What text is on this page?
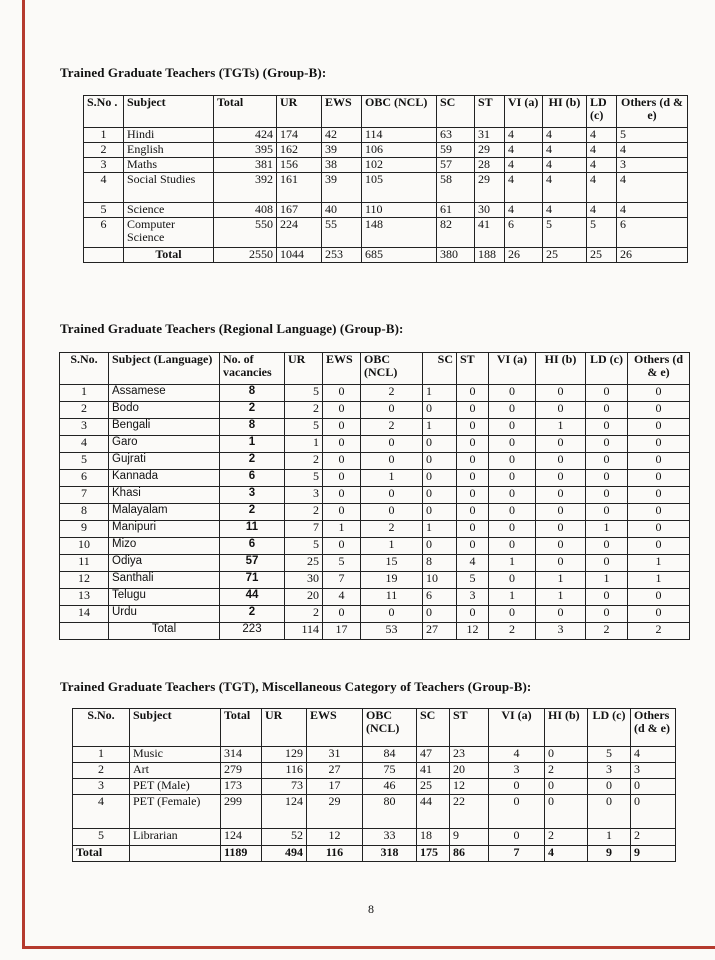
Trained Graduate Teachers (TGTs) (Group-B):
S.No .	Subject	Total	UR	EWS	OBC (NCL)	SC	ST	VI (a)	HI (b)	LD (c)	Others (d & e)
1	Hindi	424	174	42	114	63	31	4	4	4	5
2	English	395	162	39	106	59	29	4	4	4	4
3	Maths	381	156	38	102	57	28	4	4	4	3
4	Social Studies	392	161	39	105	58	29	4	4	4	4
5	Science	408	167	40	110	61	30	4	4	4	4
6	Computer Science	550	224	55	148	82	41	6	5	5	6
	Total	2550	1044	253	685	380	188	26	25	25	26
Trained Graduate Teachers (Regional Language) (Group-B):
S.No.	Subject (Language)	No. of vacancies	UR	EWS	OBC (NCL)	SC	ST	VI (a)	HI (b)	LD (c)	Others (d & e)
1	Assamese	8	5	0	2	1	0	0	0	0	0
2	Bodo	2	2	0	0	0	0	0	0	0	0
3	Bengali	8	5	0	2	1	0	0	1	0	0
4	Garo	1	1	0	0	0	0	0	0	0	0
5	Gujrati	2	2	0	0	0	0	0	0	0	0
6	Kannada	6	5	0	1	0	0	0	0	0	0
7	Khasi	3	3	0	0	0	0	0	0	0	0
8	Malayalam	2	2	0	0	0	0	0	0	0	0
9	Manipuri	11	7	1	2	1	0	0	0	1	0
10	Mizo	6	5	0	1	0	0	0	0	0	0
11	Odiya	57	25	5	15	8	4	1	0	0	1
12	Santhali	71	30	7	19	10	5	0	1	1	1
13	Telugu	44	20	4	11	6	3	1	1	0	0
14	Urdu	2	2	0	0	0	0	0	0	0	0
	Total	223	114	17	53	27	12	2	3	2	2
Trained Graduate Teachers (TGT), Miscellaneous Category of Teachers (Group-B):
S.No.	Subject	Total	UR	EWS	OBC (NCL)	SC	ST	VI (a)	HI (b)	LD (c)	Others (d & e)
1	Music	314	129	31	84	47	23	4	0	5	4
2	Art	279	116	27	75	41	20	3	2	3	3
3	PET (Male)	173	73	17	46	25	12	0	0	0	0
4	PET (Female)	299	124	29	80	44	22	0	0	0	0
5	Librarian	124	52	12	33	18	9	0	2	1	2
Total		1189	494	116	318	175	86	7	4	9	9
8
